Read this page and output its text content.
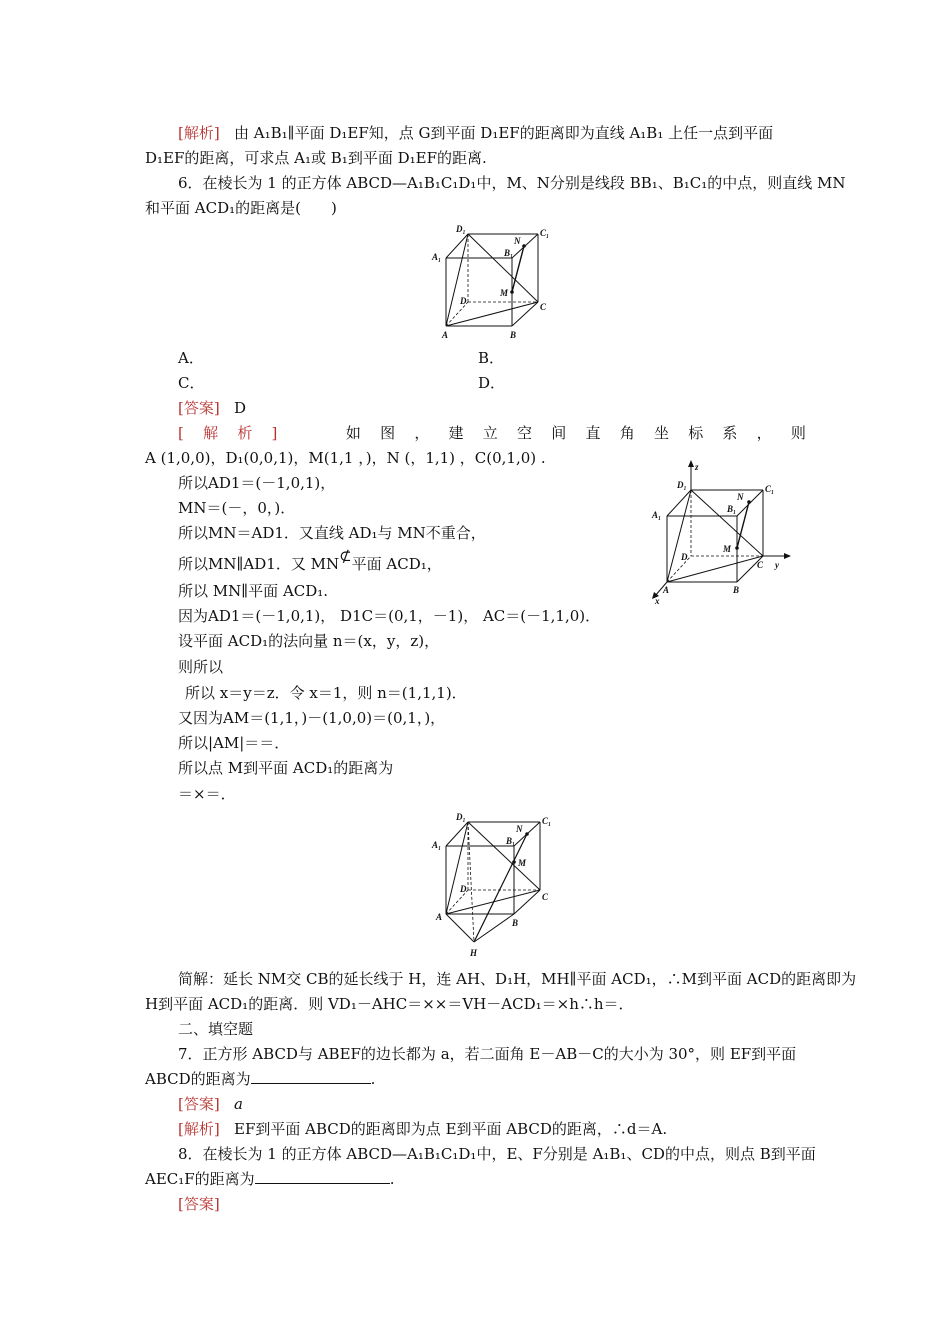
[解析] 由 A₁B₁∥平面 D₁EF知，点 G到平面 D₁EF的距离即为直线 A₁B₁ 上任一点到平面
D₁EF的距离，可求点 A₁或 B₁到平面 D₁EF的距离.
6．在棱长为 1 的正方体 ABCD—A₁B₁C₁D₁中，M、N分别是线段 BB₁、B₁C₁的中点，则直线 MN
和平面 ACD₁的距离是(　　)
D₁	C₁
A₁	B₁
N
M
D
C
A	B
A．	B．
C．	D．
[答案] D
[ 解 析 ]	如 图 ， 建 立 空 间 直 角 坐 标 系 ， 则
A (1,0,0)，D₁(0,0,1)，M(1,1 ，)，N (，1,1) ，C(0,1,0) .
所以AD1＝(－1,0,1)，
MN＝(－，0，)．
所以MN＝AD1．又直线 AD₁与 MN不重合，
所以MN∥AD1．又 MN⊄平面 ACD₁，
所以 MN∥平面 ACD₁.
因为AD1＝(－1,0,1)， D1C＝(0,1，－1)， AC＝(－1,1,0)．
设平面 ACD₁的法向量 n＝(x，y，z)，
则所以
所以 x＝y＝z．令 x＝1，则 n＝(1,1,1)．
又因为AM＝(1,1，)－(1,0,0)＝(0,1，)，
所以|AM|＝＝．
所以点 M到平面 ACD₁的距离为
＝×＝．
z
D₁	C₁
A₁
B₁
N
M
D
C
A	B
x
y
D₁	C₁
A₁	B₁
N
M
D
C
A
B
H
简解：延长 NM交 CB的延长线于 H，连 AH、D₁H，MH∥平面 ACD₁，∴M到平面 ACD的距离即为
H到平面 ACD₁的距离．则 VD₁－AHC＝××＝VH－ACD₁＝×h∴h＝．
二、填空题
7．正方形 ABCD与 ABEF的边长都为 a，若二面角 E－AB－C的大小为 30°，则 EF到平面
ABCD的距离为	.
[答案] a
[解析] EF到平面 ABCD的距离即为点 E到平面 ABCD的距离，∴d＝A.
8．在棱长为 1 的正方体 ABCD—A₁B₁C₁D₁中，E、F分别是 A₁B₁、CD的中点，则点 B到平面
AEC₁F的距离为	.
[答案]
